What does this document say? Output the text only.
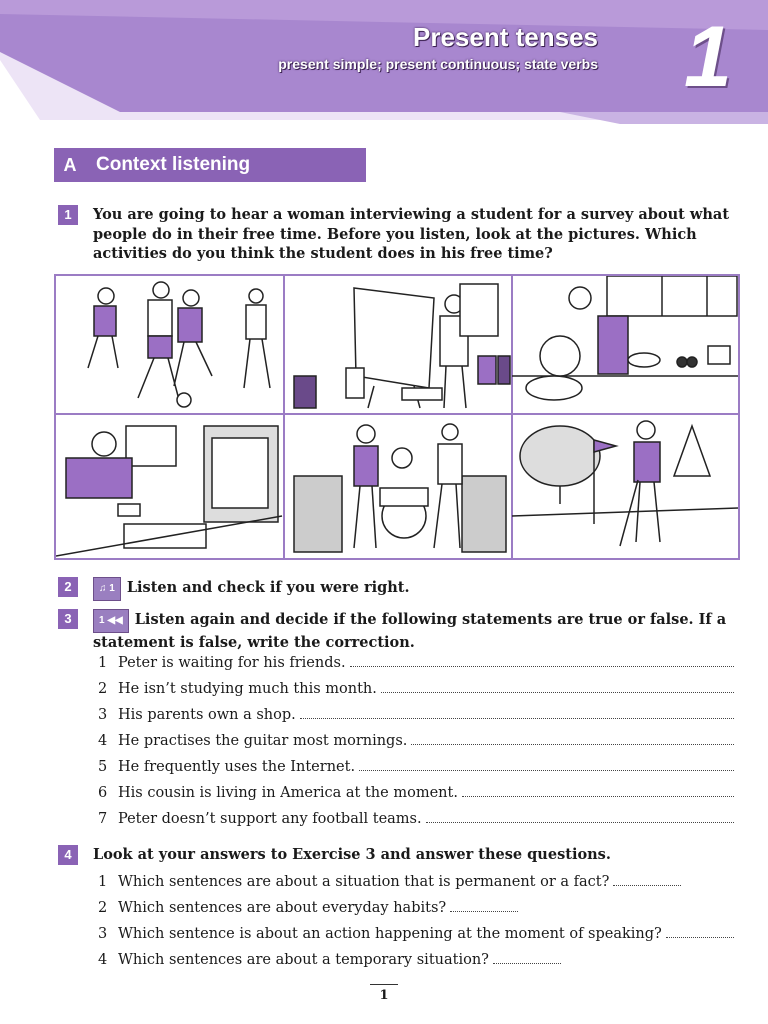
Present tenses
present simple; present continuous; state verbs 1
A	Context listening
1	You are going to hear a woman interviewing a student for a survey about what people do in their free time. Before you listen, look at the pictures. Which activities do you think the student does in his free time?
2	♫ 1 Listen and check if you were right.
3	1 ◀◀ Listen again and decide if the following statements are true or false. If a statement is false, write the correction.
1 Peter is waiting for his friends.
2 He isn’t studying much this month.
3 His parents own a shop.
4 He practises the guitar most mornings.
5 He frequently uses the Internet.
6 His cousin is living in America at the moment.
7 Peter doesn’t support any football teams.
4	Look at your answers to Exercise 3 and answer these questions.
1 Which sentences are about a situation that is permanent or a fact?
2 Which sentences are about everyday habits?
3 Which sentence is about an action happening at the moment of speaking?
4 Which sentences are about a temporary situation?
1
